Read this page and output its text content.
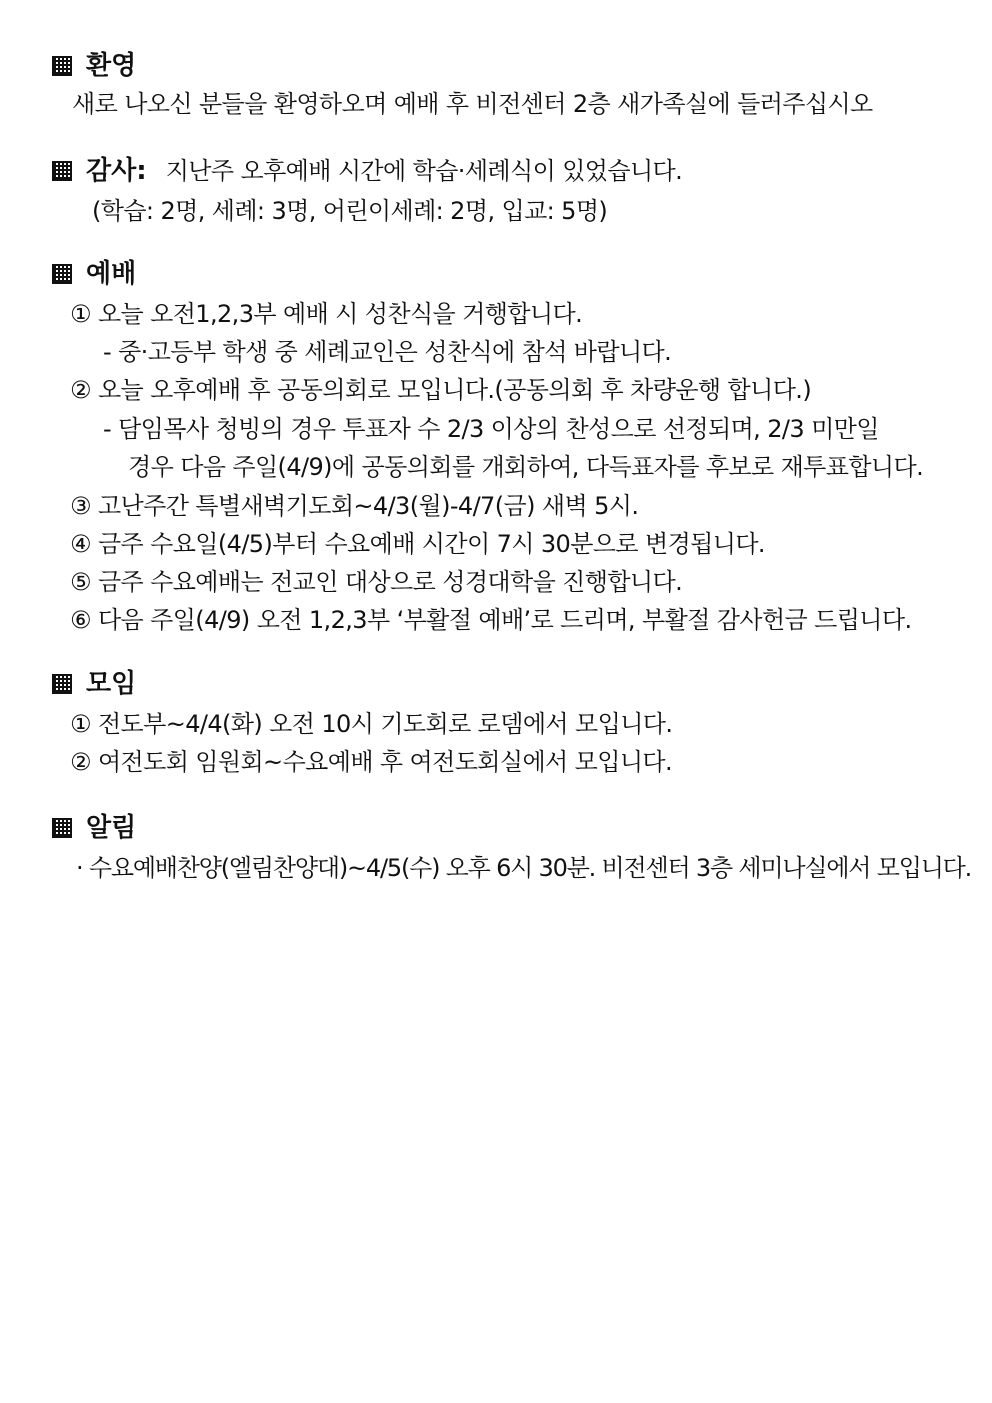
환영
새로 나오신 분들을 환영하오며 예배 후 비전센터 2층 새가족실에 들러주십시오
감사: 지난주 오후예배 시간에 학습·세례식이 있었습니다.
(학습: 2명, 세례: 3명, 어린이세례: 2명, 입교: 5명)
예배
① 오늘 오전1,2,3부 예배 시 성찬식을 거행합니다.
- 중·고등부 학생 중 세례교인은 성찬식에 참석 바랍니다.
② 오늘 오후예배 후 공동의회로 모입니다.(공동의회 후 차량운행 합니다.)
- 담임목사 청빙의 경우 투표자 수 2/3 이상의 찬성으로 선정되며, 2/3 미만일
경우 다음 주일(4/9)에 공동의회를 개회하여, 다득표자를 후보로 재투표합니다.
③ 고난주간 특별새벽기도회~4/3(월)-4/7(금) 새벽 5시.
④ 금주 수요일(4/5)부터 수요예배 시간이 7시 30분으로 변경됩니다.
⑤ 금주 수요예배는 전교인 대상으로 성경대학을 진행합니다.
⑥ 다음 주일(4/9) 오전 1,2,3부 ‘부활절 예배’로 드리며, 부활절 감사헌금 드립니다.
모임
① 전도부~4/4(화) 오전 10시 기도회로 로뎀에서 모입니다.
② 여전도회 임원회~수요예배 후 여전도회실에서 모입니다.
알림
· 수요예배찬양(엘림찬양대)~4/5(수) 오후 6시 30분. 비전센터 3층 세미나실에서 모입니다.
